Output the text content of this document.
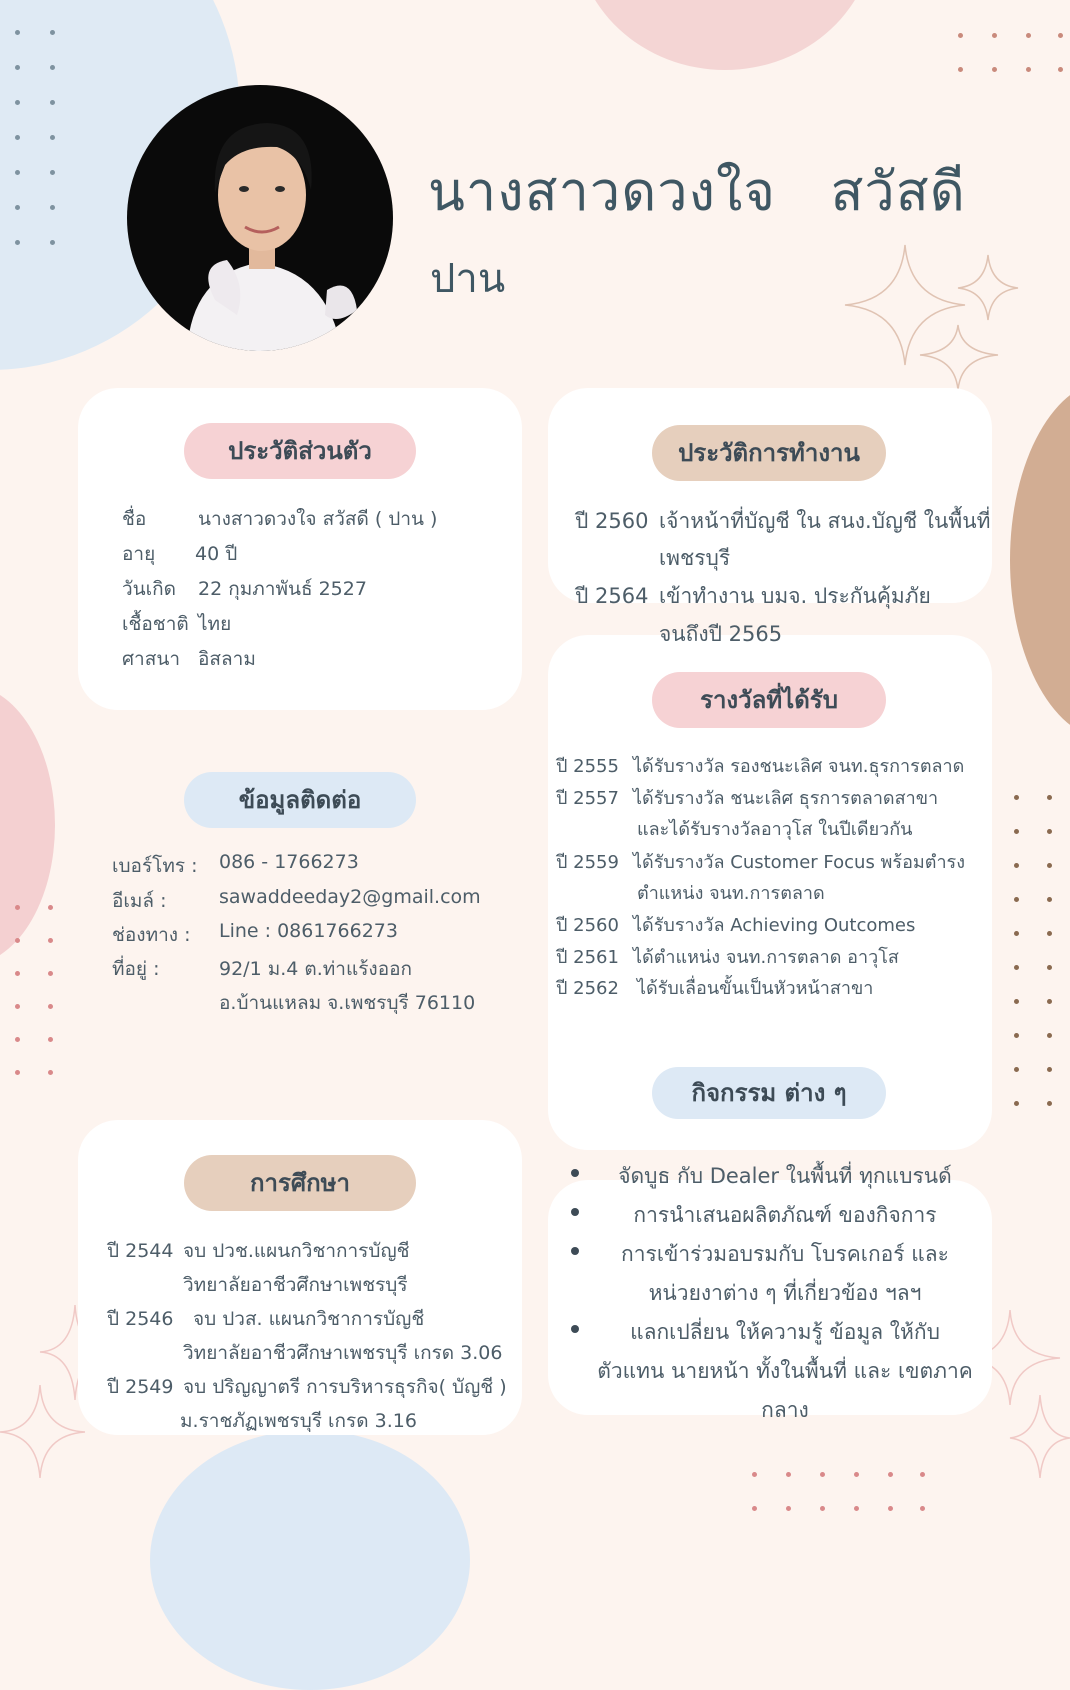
นางสาวดวงใจ   สวัสดี
ปาน
ประวัติส่วนตัว
ชื่อ	นางสาวดวงใจ สวัสดี ( ปาน )
อายุ 40 ปี
วันเกิด 22 กุมภาพันธ์ 2527
เชื้อชาติ ไทย
ศาสนา อิสลาม
ข้อมูลติดต่อ
เบอร์โทร : 086 - 1766273
อีเมล์ :	sawaddeeday2@gmail.com
ช่องทาง : Line : 0861766273
ที่อยู่ :	92/1 ม.4 ต.ท่าแร้งออก
อ.บ้านแหลม จ.เพชรบุรี 76110
การศึกษา
ปี 2544 จบ ปวช.แผนกวิชาการบัญชี
วิทยาลัยอาชีวศึกษาเพชรบุรี
ปี 2546 จบ ปวส. แผนกวิชาการบัญชี
วิทยาลัยอาชีวศึกษาเพชรบุรี เกรด 3.06
ปี 2549 จบ ปริญญาตรี การบริหารธุรกิจ( บัญชี )
ม.ราชภัฏเพชรบุรี เกรด 3.16
ประวัติการทำงาน
ปี 2560 เจ้าหน้าที่บัญชี ใน สนง.บัญชี ในพื้นที่
เพชรบุรี
ปี 2564 เข้าทำงาน บมจ. ประกันคุ้มภัย
จนถึงปี 2565
รางวัลที่ได้รับ
ปี 2555 ได้รับรางวัล รองชนะเลิศ จนท.ธุรการตลาด
ปี 2557 ได้รับรางวัล ชนะเลิศ ธุรการตลาดสาขา
และได้รับรางวัลอาวุโส ในปีเดียวกัน
ปี 2559 ได้รับรางวัล Customer Focus พร้อมตำรง
ตำแหน่ง จนท.การตลาด
ปี 2560 ได้รับรางวัล Achieving Outcomes
ปี 2561 ได้ตำแหน่ง จนท.การตลาด อาวุโส
ปี 2562 ได้รับเลื่อนขั้นเป็นหัวหน้าสาขา
กิจกรรม ต่าง ๆ
จัดบูธ กับ Dealer ในพื้นที่ ทุกแบรนด์
การนำเสนอผลิตภัณฑ์ ของกิจการ
การเข้าร่วมอบรมกับ โบรคเกอร์ และ
หน่วยงาต่าง ๆ ที่เกี่ยวข้อง ฯลฯ
แลกเปลี่ยน ให้ความรู้ ข้อมูล ให้กับ
ตัวแทน นายหน้า ทั้งในพื้นที่ และ เขตภาค
กลาง
